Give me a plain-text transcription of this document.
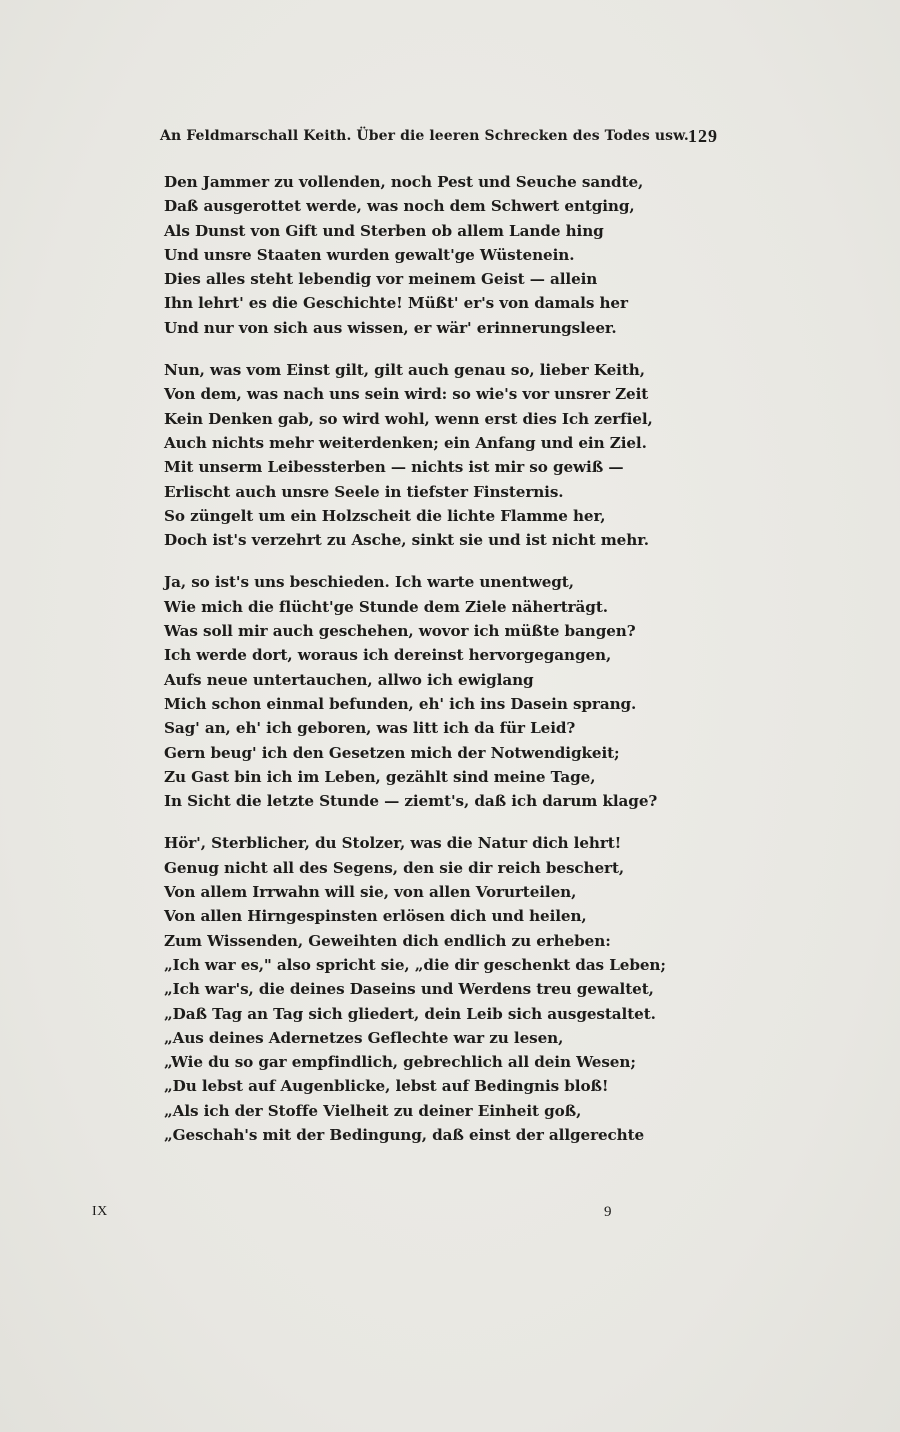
An Feldmarschall Keith. Über die leeren Schrecken des Todes usw. 129
Den Jammer zu vollenden, noch Pest und Seuche sandte,
Daß ausgerottet werde, was noch dem Schwert entging,
Als Dunst von Gift und Sterben ob allem Lande hing
Und unsre Staaten wurden gewalt'ge Wüstenein.
Dies alles steht lebendig vor meinem Geist — allein
Ihn lehrt' es die Geschichte! Müßt' er's von damals her
Und nur von sich aus wissen, er wär' erinnerungsleer.
Nun, was vom Einst gilt, gilt auch genau so, lieber Keith,
Von dem, was nach uns sein wird: so wie's vor unsrer Zeit
Kein Denken gab, so wird wohl, wenn erst dies Ich zerfiel,
Auch nichts mehr weiterdenken; ein Anfang und ein Ziel.
Mit unserm Leibessterben — nichts ist mir so gewiß —
Erlischt auch unsre Seele in tiefster Finsternis.
So züngelt um ein Holzscheit die lichte Flamme her,
Doch ist's verzehrt zu Asche, sinkt sie und ist nicht mehr.
Ja, so ist's uns beschieden. Ich warte unentwegt,
Wie mich die flücht'ge Stunde dem Ziele näherträgt.
Was soll mir auch geschehen, wovor ich müßte bangen?
Ich werde dort, woraus ich dereinst hervorgegangen,
Aufs neue untertauchen, allwo ich ewiglang
Mich schon einmal befunden, eh' ich ins Dasein sprang.
Sag' an, eh' ich geboren, was litt ich da für Leid?
Gern beug' ich den Gesetzen mich der Notwendigkeit;
Zu Gast bin ich im Leben, gezählt sind meine Tage,
In Sicht die letzte Stunde — ziemt's, daß ich darum klage?
Hör', Sterblicher, du Stolzer, was die Natur dich lehrt!
Genug nicht all des Segens, den sie dir reich beschert,
Von allem Irrwahn will sie, von allen Vorurteilen,
Von allen Hirngespinsten erlösen dich und heilen,
Zum Wissenden, Geweihten dich endlich zu erheben:
„Ich war es," also spricht sie, „die dir geschenkt das Leben;
„Ich war's, die deines Daseins und Werdens treu gewaltet,
„Daß Tag an Tag sich gliedert, dein Leib sich ausgestaltet.
„Aus deines Adernetzes Geflechte war zu lesen,
„Wie du so gar empfindlich, gebrechlich all dein Wesen;
„Du lebst auf Augenblicke, lebst auf Bedingnis bloß!
„Als ich der Stoffe Vielheit zu deiner Einheit goß,
„Geschah's mit der Bedingung, daß einst der allgerechte
IX	9
